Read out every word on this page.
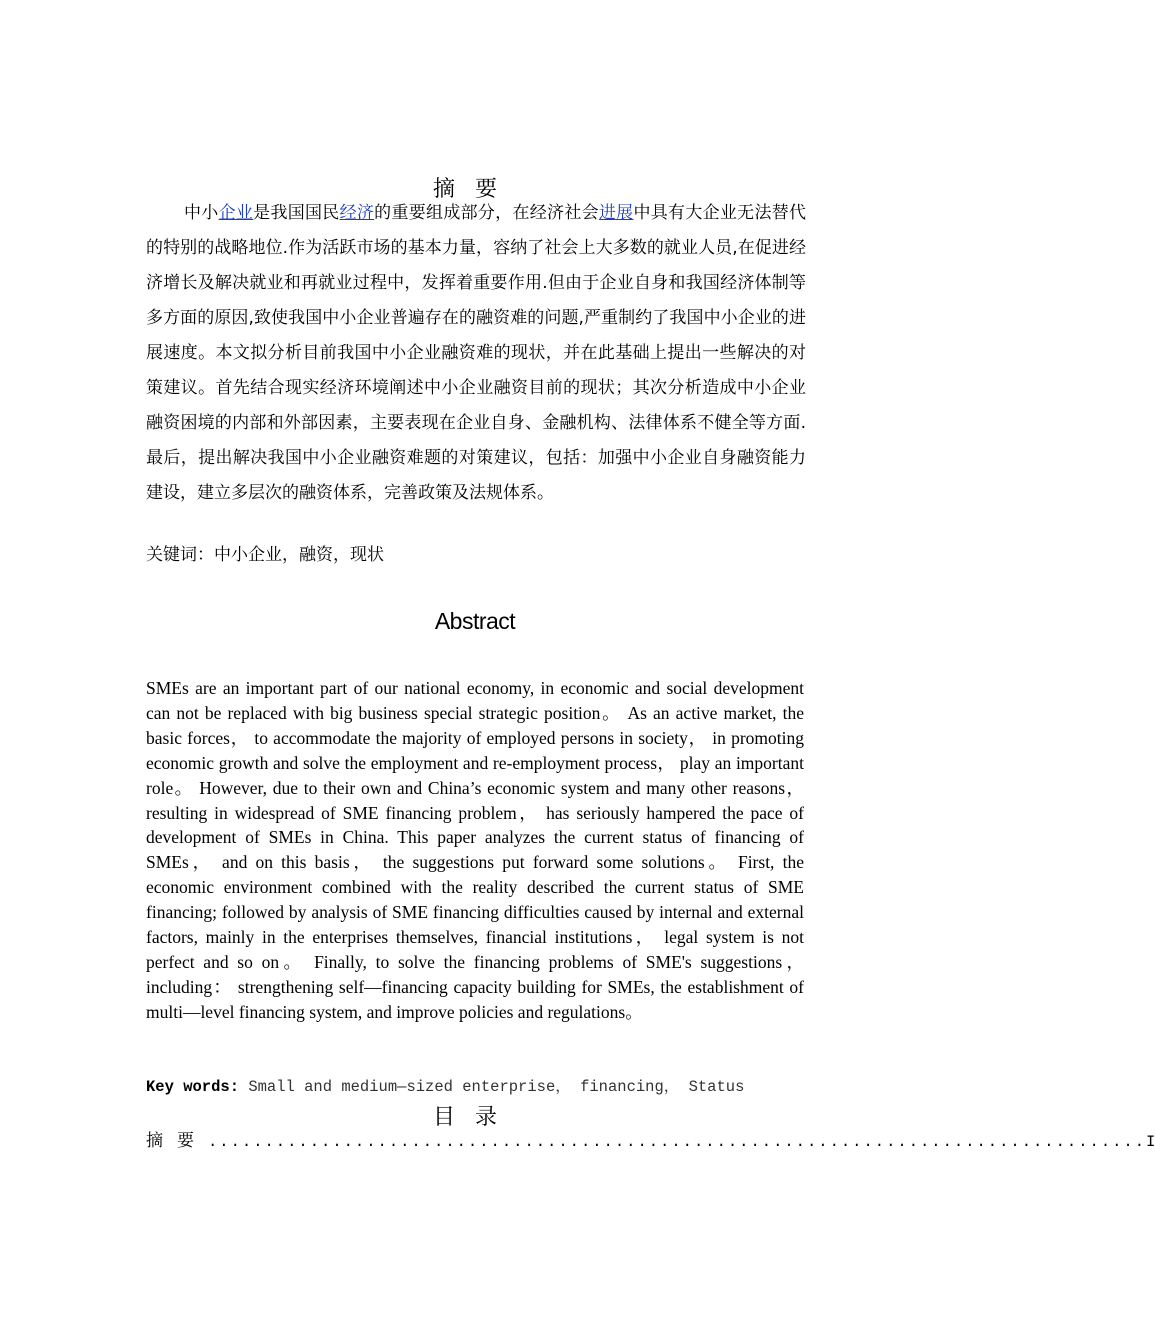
摘要
中小企业是我国国民经济的重要组成部分，在经济社会进展中具有大企业无法替代的特别的战略地位.作为活跃市场的基本力量，容纳了社会上大多数的就业人员,在促进经济增长及解决就业和再就业过程中，发挥着重要作用.但由于企业自身和我国经济体制等多方面的原因,致使我国中小企业普遍存在的融资难的问题,严重制约了我国中小企业的进展速度。本文拟分析目前我国中小企业融资难的现状，并在此基础上提出一些解决的对策建议。首先结合现实经济环境阐述中小企业融资目前的现状；其次分析造成中小企业融资困境的内部和外部因素，主要表现在企业自身、金融机构、法律体系不健全等方面.最后，提出解决我国中小企业融资难题的对策建议，包括：加强中小企业自身融资能力建设，建立多层次的融资体系，完善政策及法规体系。
关键词：中小企业，融资，现状
Abstract
SMEs are an important part of our national economy, in economic and social development can not be replaced with big business special strategic position。 As an active market, the basic forces， to accommodate the majority of employed persons in society， in promoting economic growth and solve the employment and re-employment process， play an important role。 However, due to their own and China’s economic system and many other reasons， resulting in widespread of SME financing problem， has seriously hampered the pace of development of SMEs in China. This paper analyzes the current status of financing of SMEs， and on this basis， the suggestions put forward some solutions。 First, the economic environment combined with the reality described the current status of SME financing; followed by analysis of SME financing difficulties caused by internal and external factors, mainly in the enterprises themselves, financial institutions， legal system is not perfect and so on。 Finally, to solve the financing problems of SME's suggestions， including： strengthening self—financing capacity building for SMEs, the establishment of multi—level financing system, and improve policies and regulations。
Key words: Small and medium—sized enterprise， financing， Status
目录
摘要 ................................................................................... I
